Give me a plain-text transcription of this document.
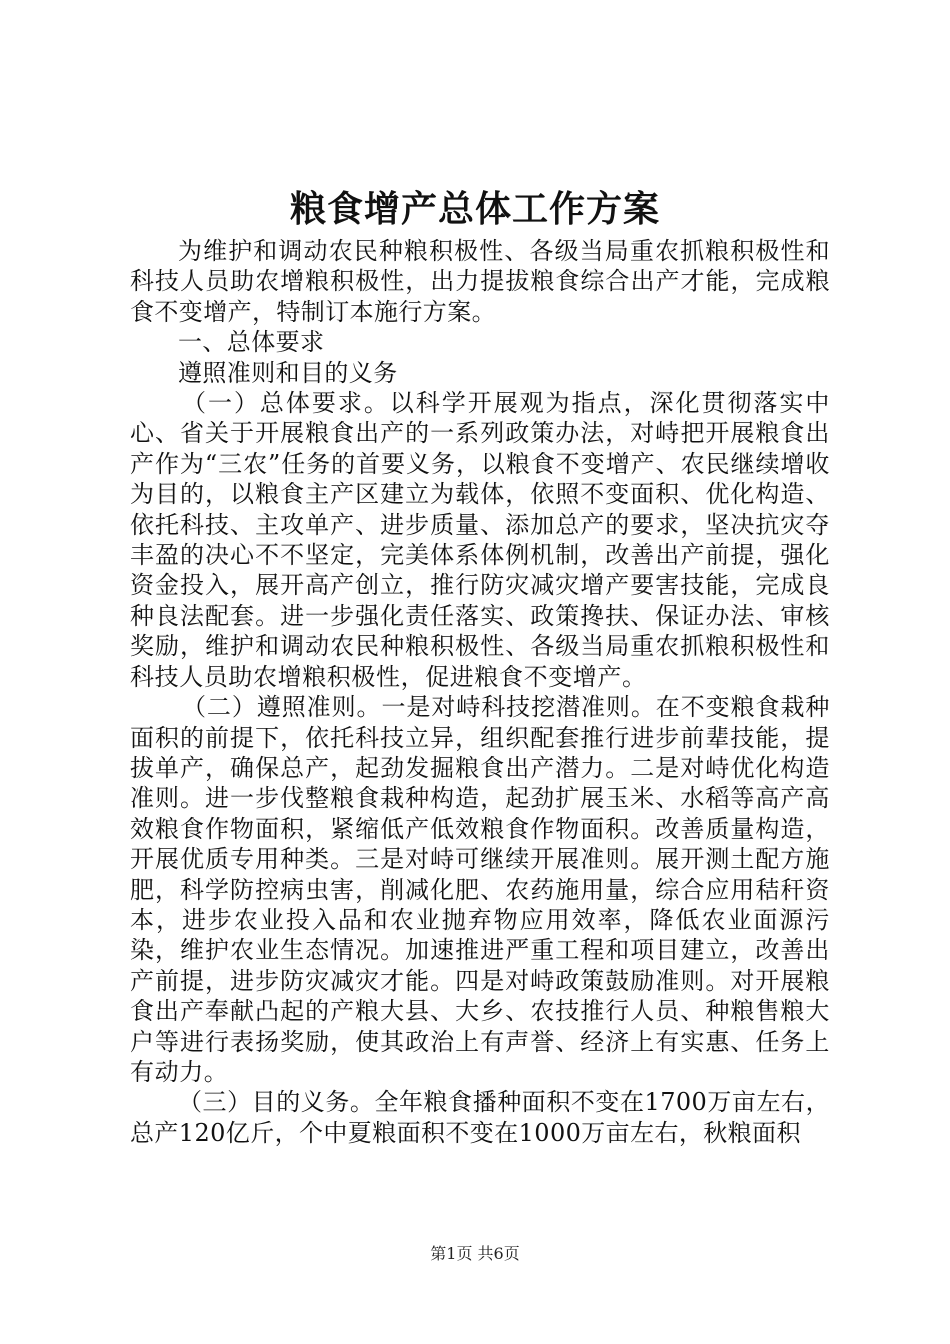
粮食增产总体工作方案

为维护和调动农民种粮积极性、各级当局重农抓粮积极性和科技人员助农增粮积极性，出力提拔粮食综合出产才能，完成粮食不变增产，特制订本施行方案。

一、总体要求

遵照准则和目的义务

（一）总体要求。以科学开展观为指点，深化贯彻落实中心、省关于开展粮食出产的一系列政策办法，对峙把开展粮食出产作为“三农”任务的首要义务，以粮食不变增产、农民继续增收为目的，以粮食主产区建立为载体，依照不变面积、优化构造、依托科技、主攻单产、进步质量、添加总产的要求，坚决抗灾夺丰盈的决心不不坚定，完美体系体例机制，改善出产前提，强化资金投入，展开高产创立，推行防灾减灾增产要害技能，完成良种良法配套。进一步强化责任落实、政策搀扶、保证办法、审核奖励，维护和调动农民种粮积极性、各级当局重农抓粮积极性和科技人员助农增粮积极性，促进粮食不变增产。

（二）遵照准则。一是对峙科技挖潜准则。在不变粮食栽种面积的前提下，依托科技立异，组织配套推行进步前辈技能，提拔单产，确保总产，起劲发掘粮食出产潜力。二是对峙优化构造准则。进一步伐整粮食栽种构造，起劲扩展玉米、水稻等高产高效粮食作物面积，紧缩低产低效粮食作物面积。改善质量构造，开展优质专用种类。三是对峙可继续开展准则。展开测土配方施肥，科学防控病虫害，削减化肥、农药施用量，综合应用秸秆资本，进步农业投入品和农业抛弃物应用效率，降低农业面源污染，维护农业生态情况。加速推进严重工程和项目建立，改善出产前提，进步防灾减灾才能。四是对峙政策鼓励准则。对开展粮食出产奉献凸起的产粮大县、大乡、农技推行人员、种粮售粮大户等进行表扬奖励，使其政治上有声誉、经济上有实惠、任务上有动力。

（三）目的义务。全年粮食播种面积不变在1700万亩左右，总产120亿斤，个中夏粮面积不变在1000万亩左右，秋粮面积

第1页 共6页
